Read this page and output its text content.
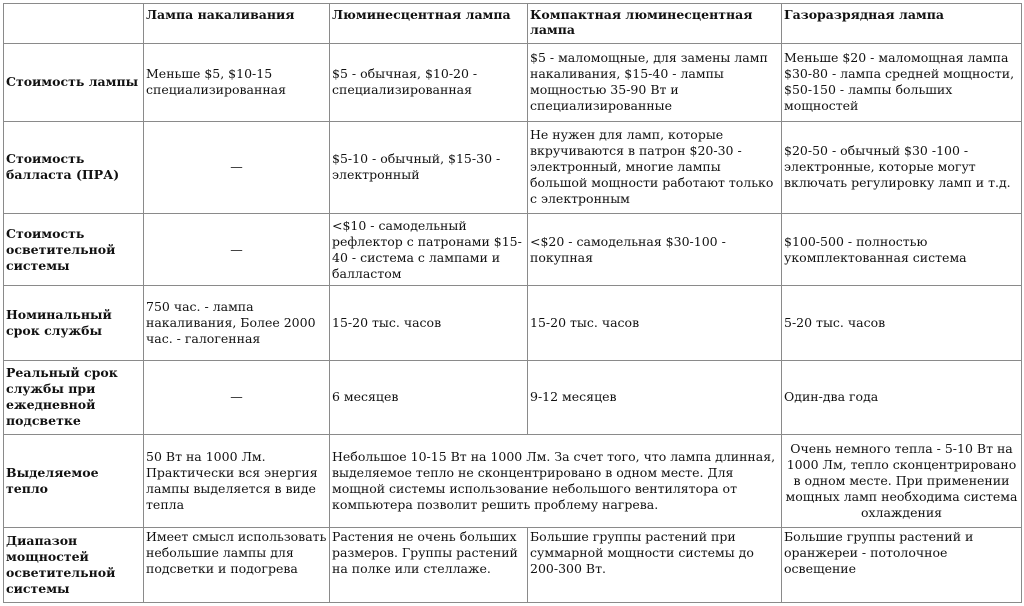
	Лампа накаливания	Люминесцентная лампа	Компактная люминесцентная лампа	Газоразрядная лампа
Стоимость лампы	Меньше $5, $10-15 специализированная	$5 - обычная, $10-20 - специализированная	$5 - маломощные, для замены ламп накаливания, $15-40 - лампы мощностью 35-90 Вт и специализированные	Меньше $20 - маломощная лампа $30-80 - лампа средней мощности, $50-150 - лампы больших мощностей
Стоимость балласта (ПРА)	—	$5-10 - обычный, $15-30 - электронный	Не нужен для ламп, которые вкручиваются в патрон $20-30 - электронный, многие лампы большой мощности работают только с электронным	$20-50 - обычный $30 -100 - электронные, которые могут включать регулировку ламп и т.д.
Стоимость осветительной системы	—	<$10 - самодельный рефлектор с патронами $15-40 - система с лампами и балластом	<$20 - самодельная $30-100 - покупная	$100-500 - полностью укомплектованная система
Номинальный срок службы	750 час. - лампа накаливания, Более 2000 час. - галогенная	15-20 тыс. часов	15-20 тыс. часов	5-20 тыс. часов
Реальный срок службы при ежедневной подсветке	—	6 месяцев	9-12 месяцев	Один-два года
Выделяемое тепло	50 Вт на 1000 Лм. Практически вся энергия лампы выделяется в виде тепла	Небольшое 10-15 Вт на 1000 Лм. За счет того, что лампа длинная, выделяемое тепло не сконцентрировано в одном месте. Для мощной системы использование небольшого вентилятора от компьютера позволит решить проблему нагрева.		Очень немного тепла - 5-10 Вт на 1000 Лм, тепло сконцентрировано в одном месте. При применении мощных ламп необходима система охлаждения
Диапазон мощностей осветительной системы	Имеет смысл использовать небольшие лампы для подсветки и подогрева	Растения не очень больших размеров. Группы растений на полке или стеллаже.	Большие группы растений при суммарной мощности системы до 200-300 Вт.	Большие группы растений и оранжереи - потолочное освещение
